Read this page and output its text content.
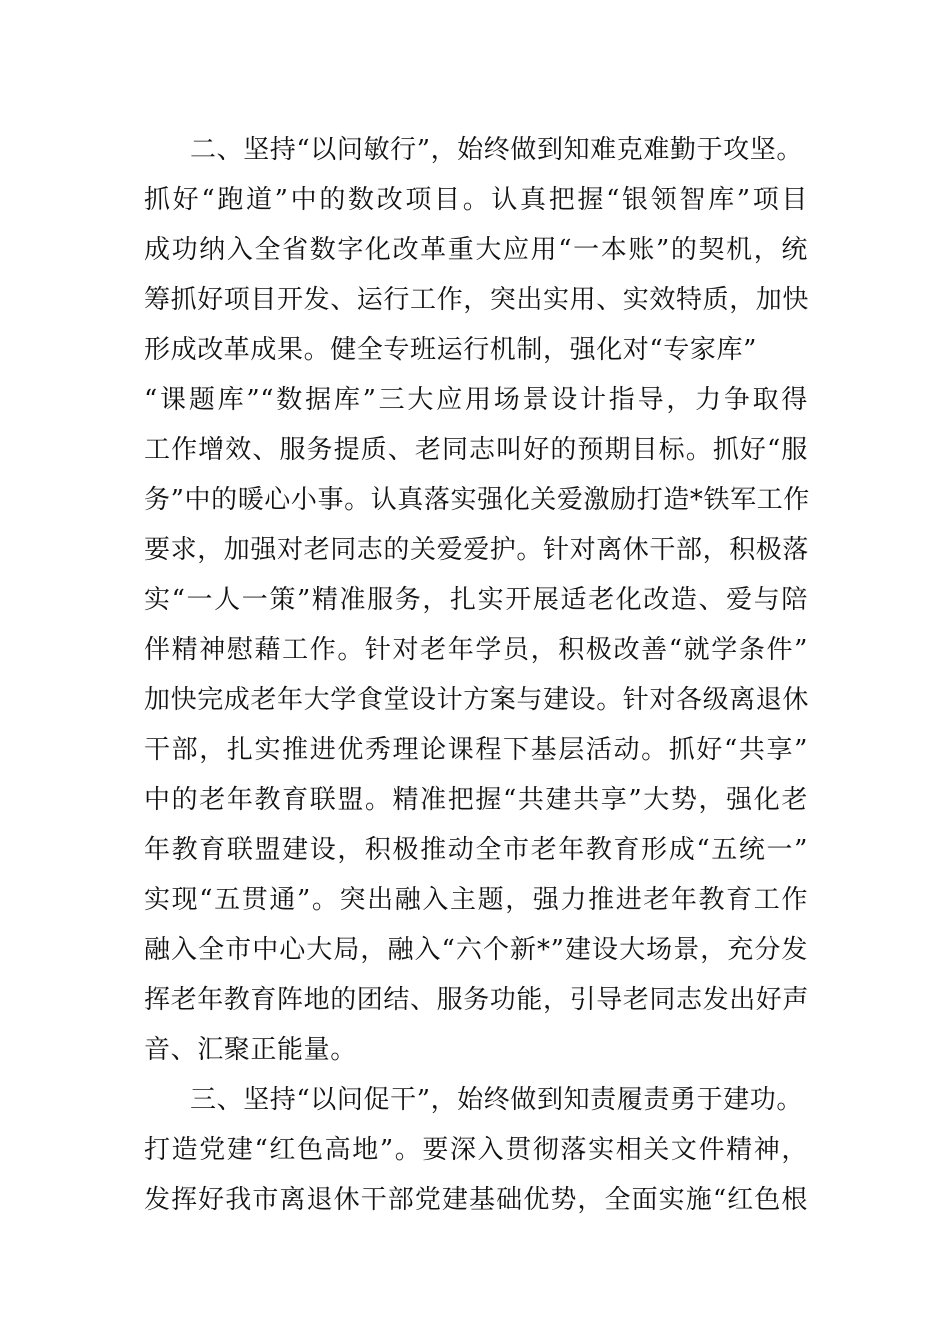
二、坚持“以问敏行”，始终做到知难克难勤于攻坚。
抓好“跑道”中的数改项目。认真把握“银领智库”项目
成功纳入全省数字化改革重大应用“一本账”的契机，统
筹抓好项目开发、运行工作，突出实用、实效特质，加快
形成改革成果。健全专班运行机制，强化对“专家库”
“课题库”“数据库”三大应用场景设计指导，力争取得
工作增效、服务提质、老同志叫好的预期目标。抓好“服
务”中的暖心小事。认真落实强化关爱激励打造*铁军工作
要求，加强对老同志的关爱爱护。针对离休干部，积极落
实“一人一策”精准服务，扎实开展适老化改造、爱与陪
伴精神慰藉工作。针对老年学员，积极改善“就学条件”
加快完成老年大学食堂设计方案与建设。针对各级离退休
干部，扎实推进优秀理论课程下基层活动。抓好“共享”
中的老年教育联盟。精准把握“共建共享”大势，强化老
年教育联盟建设，积极推动全市老年教育形成“五统一”
实现“五贯通”。突出融入主题，强力推进老年教育工作
融入全市中心大局，融入“六个新*”建设大场景，充分发
挥老年教育阵地的团结、服务功能，引导老同志发出好声
音、汇聚正能量。
三、坚持“以问促干”，始终做到知责履责勇于建功。
打造党建“红色高地”。要深入贯彻落实相关文件精神，
发挥好我市离退休干部党建基础优势，全面实施“红色根
